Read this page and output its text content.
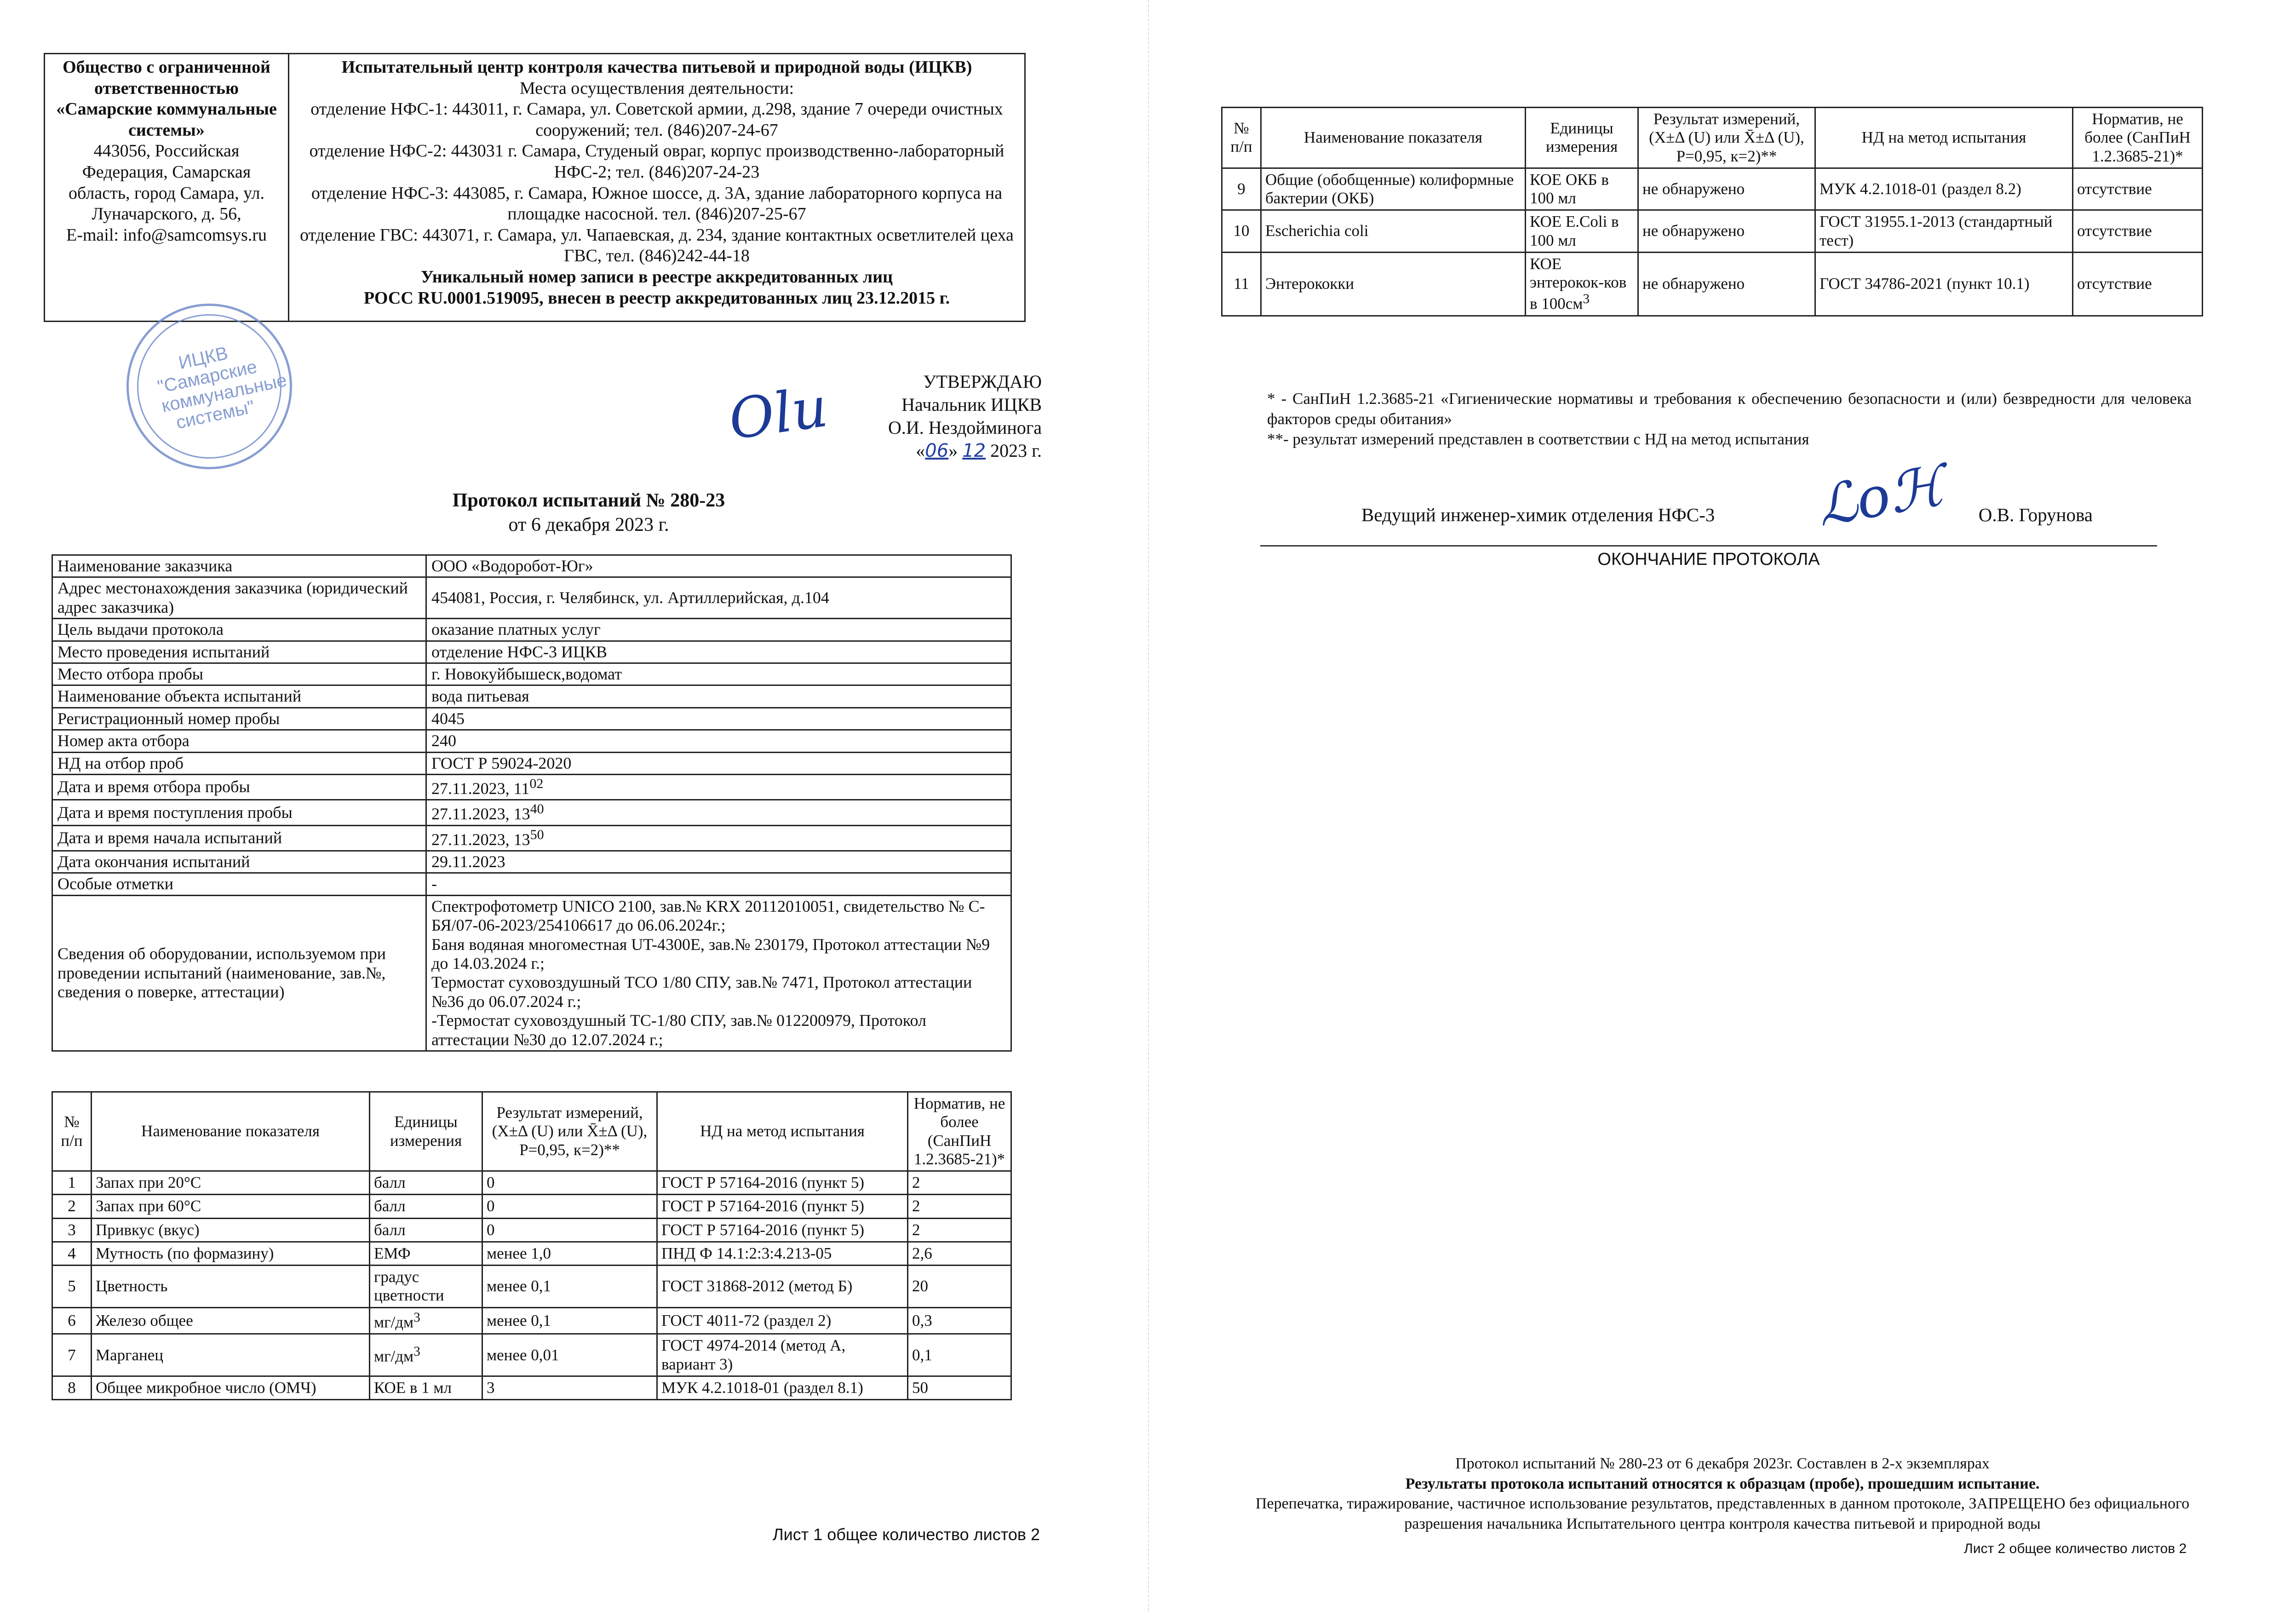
Общество с ограниченной ответственностью «Самарские коммунальные системы»
443056, Российская Федерация, Самарская область, город Самара, ул. Луначарского, д. 56,
E-mail: info@samcomsys.ru

Испытательный центр контроля качества питьевой и природной воды (ИЦКВ)
Места осуществления деятельности:
отделение НФС-1: 443011, г. Самара, ул. Советской армии, д.298, здание 7 очереди очистных сооружений; тел. (846)207-24-67
отделение НФС-2: 443031 г. Самара, Студеный овраг, корпус производственно-лабораторный НФС-2; тел. (846)207-24-23
отделение НФС-3: 443085, г. Самара, Южное шоссе, д. 3А, здание лабораторного корпуса на площадке насосной. тел. (846)207-25-67
отделение ГВС: 443071, г. Самара, ул. Чапаевская, д. 234, здание контактных осветлителей цеха ГВС, тел. (846)242-44-18
Уникальный номер записи в реестре аккредитованных лиц
РОСС RU.0001.519095, внесен в реестр аккредитованных лиц 23.12.2015 г.
ИЦКВ "Самарские коммунальные системы"	Оlu	УТВЕРЖДАЮ
Начальник ИЦКВ
О.И. Нездойминога
«06» 12 2023 г.
Протокол испытаний № 280-23
от 6 декабря 2023 г.
Наименование заказчика	ООО «Водоробот-Юг»
Адрес местонахождения заказчика (юридический адрес заказчика)	454081, Россия, г. Челябинск, ул. Артиллерийская, д.104
Цель выдачи протокола	оказание платных услуг
Место проведения испытаний	отделение НФС-3 ИЦКВ
Место отбора пробы	г. Новокуйбышеск,водомат
Наименование объекта испытаний	вода питьевая
Регистрационный номер пробы	4045
Номер акта отбора	240
НД на отбор проб	ГОСТ Р 59024-2020
Дата и время отбора пробы	27.11.2023, $11^{02}$
Дата и время поступления пробы	27.11.2023, $13^{40}$
Дата и время начала испытаний	27.11.2023, $13^{50}$
Дата окончания испытаний	29.11.2023
Особые отметки	-
Сведения об оборудовании, используемом при проведении испытаний (наименование, зав.№, сведения о поверке, аттестации)	Спектрофотометр UNICO 2100, зав.№ KRX 20112010051, свидетельство № С-БЯ/07-06-2023/254106617 до 06.06.2024г.;
Баня водяная многоместная UT-4300E, зав.№ 230179, Протокол аттестации №9 до 14.03.2024 г.;
Термостат суховоздушный ТСО 1/80 СПУ, зав.№ 7471, Протокол аттестации №36 до 06.07.2024 г.;
-Термостат суховоздушный ТС-1/80 СПУ, зав.№ 012200979, Протокол аттестации №30 до 12.07.2024 г.;
№ п/п	Наименование показателя	Единицы измерения	Результат измерений, (X±Δ (U) или X̄±Δ (U), P=0,95, к=2)**	НД на метод испытания	Норматив, не более (СанПиН 1.2.3685-21)*
1	Запах при 20°С	балл	0	ГОСТ Р 57164-2016 (пункт 5)	2
2	Запах при 60°С	балл	0	ГОСТ Р 57164-2016 (пункт 5)	2
3	Привкус (вкус)	балл	0	ГОСТ Р 57164-2016 (пункт 5)	2
4	Мутность (по формазину)	ЕМФ	менее 1,0	ПНД Ф 14.1:2:3:4.213-05	2,6
5	Цветность	градус цветности	менее 0,1	ГОСТ 31868-2012 (метод Б)	20
6	Железо общее	$мг/дм^3$	менее 0,1	ГОСТ 4011-72 (раздел 2)	0,3
7	Марганец	$мг/дм^3$	менее 0,01	ГОСТ 4974-2014 (метод А, вариант 3)	0,1
8	Общее микробное число (ОМЧ)	КОЕ в 1 мл	3	МУК 4.2.1018-01 (раздел 8.1)	50
Лист 1 общее количество листов 2
№ п/п	Наименование показателя	Единицы измерения	Результат измерений, (X±Δ (U) или X̄±Δ (U), P=0,95, к=2)**	НД на метод испытания	Норматив, не более (СанПиН 1.2.3685-21)*
9	Общие (обобщенные) колиформные бактерии (ОКБ)	КОЕ ОКБ в 100 мл	не обнаружено	МУК 4.2.1018-01 (раздел 8.2)	отсутствие
10	Escherichia coli	КОЕ E.Coli в 100 мл	не обнаружено	ГОСТ 31955.1-2013 (стандартный тест)	отсутствие
11	Энтерококки	КОЕ энтерокок-ков в $100см^3$	не обнаружено	ГОСТ 34786-2021 (пункт 10.1)	отсутствие
* - СанПиН 1.2.3685-21 «Гигиенические нормативы и требования к обеспечению безопасности и (или) безвредности для человека факторов среды обитания»
**- результат измерений представлен в соответствии с НД на метод испытания
ℒoℋ
Ведущий инженер-химик отделения НФС-3	О.В. Горунова
ОКОНЧАНИЕ ПРОТОКОЛА
Протокол испытаний № 280-23 от 6 декабря 2023г. Составлен в 2-х экземплярах
Результаты протокола испытаний относятся к образцам (пробе), прошедшим испытание.
Перепечатка, тиражирование, частичное использование результатов, представленных в данном протоколе, ЗАПРЕЩЕНО без официального разрешения начальника Испытательного центра контроля качества питьевой и природной воды
Лист 2 общее количество листов 2
